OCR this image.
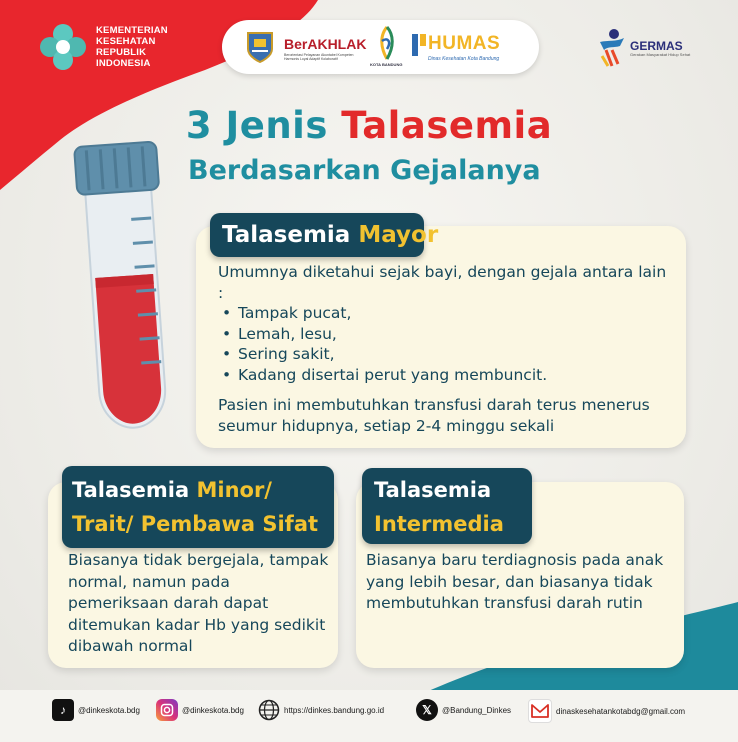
KEMENTERIAN
KESEHATAN
REPUBLIK
INDONESIA
BerAKHLAK
Berorientasi Pelayanan Akuntabel Kompeten Harmonis Loyal Adaptif Kolaboratif
KOTA BANDUNG
HUMAS
Dinas Kesehatan Kota Bandung
GERMAS
Gerakan Masyarakat Hidup Sehat
3 Jenis Talasemia
Berdasarkan Gejalanya
Talasemia Mayor
Umumnya diketahui sejak bayi, dengan gejala antara lain :
• Tampak pucat,
• Lemah, lesu,
• Sering sakit,
• Kadang disertai perut yang membuncit.
Pasien ini membutuhkan transfusi darah terus menerus seumur hidupnya, setiap 2-4 minggu sekali
Talasemia Minor/
Trait/ Pembawa Sifat
Biasanya tidak bergejala, tampak normal, namun pada pemeriksaan darah dapat ditemukan kadar Hb yang sedikit dibawah normal
Talasemia
Intermedia
Biasanya baru terdiagnosis pada anak yang lebih besar, dan biasanya tidak membutuhkan transfusi darah rutin
♪	@dinkeskota.bdg	@dinkeskota.bdg	https://dinkes.bandung.go.id	𝕏	@Bandung_Dinkes	dinaskesehatankotabdg@gmail.com
